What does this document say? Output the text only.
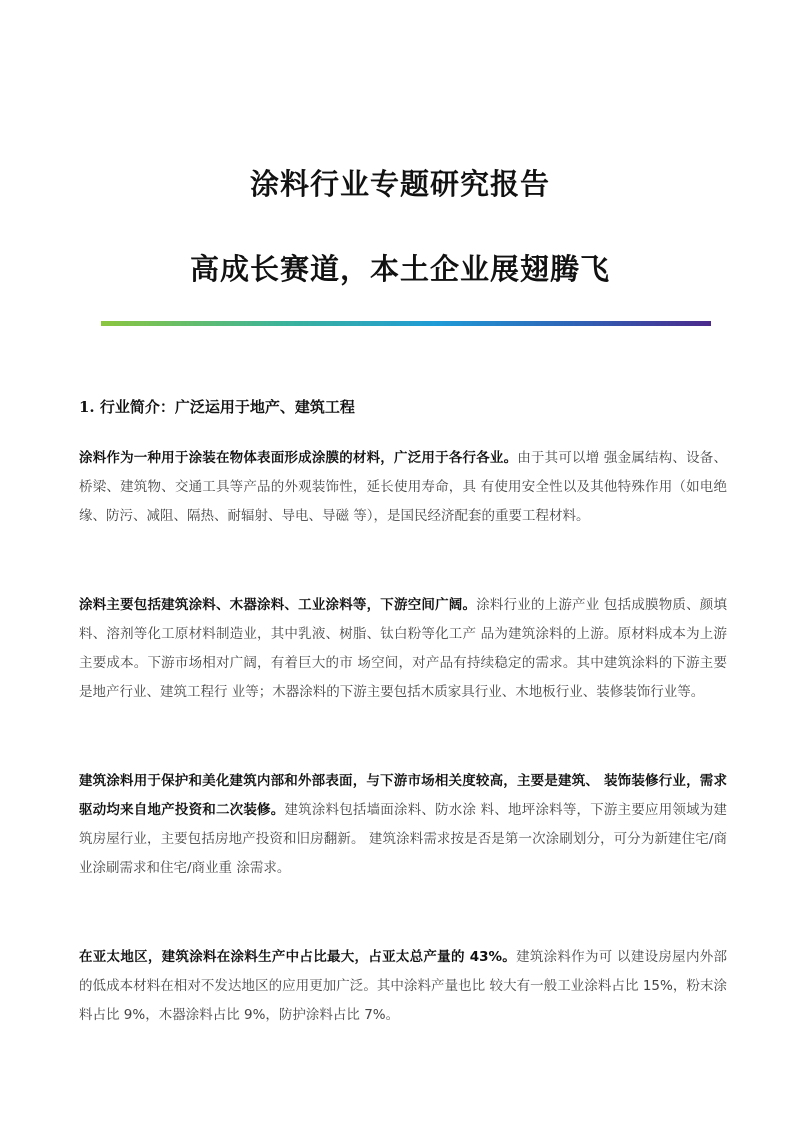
涂料行业专题研究报告
高成长赛道，本土企业展翅腾飞
1. 行业简介：广泛运用于地产、建筑工程

涂料作为一种用于涂装在物体表面形成涂膜的材料，广泛用于各行各业。由于其可以增 强金属结构、设备、桥梁、建筑物、交通工具等产品的外观装饰性，延长使用寿命，具 有使用安全性以及其他特殊作用（如电绝缘、防污、减阻、隔热、耐辐射、导电、导磁 等），是国民经济配套的重要工程材料。

涂料主要包括建筑涂料、木器涂料、工业涂料等，下游空间广阔。涂料行业的上游产业 包括成膜物质、颜填料、溶剂等化工原材料制造业，其中乳液、树脂、钛白粉等化工产 品为建筑涂料的上游。原材料成本为上游主要成本。下游市场相对广阔，有着巨大的市 场空间，对产品有持续稳定的需求。其中建筑涂料的下游主要是地产行业、建筑工程行 业等；木器涂料的下游主要包括木质家具行业、木地板行业、装修装饰行业等。

建筑涂料用于保护和美化建筑内部和外部表面，与下游市场相关度较高，主要是建筑、 装饰装修行业，需求驱动均来自地产投资和二次装修。建筑涂料包括墙面涂料、防水涂 料、地坪涂料等，下游主要应用领域为建筑房屋行业，主要包括房地产投资和旧房翻新。 建筑涂料需求按是否是第一次涂刷划分，可分为新建住宅/商业涂刷需求和住宅/商业重 涂需求。

在亚太地区，建筑涂料在涂料生产中占比最大，占亚太总产量的 43%。建筑涂料作为可 以建设房屋内外部的低成本材料在相对不发达地区的应用更加广泛。其中涂料产量也比 较大有一般工业涂料占比 15%，粉末涂料占比 9%，木器涂料占比 9%，防护涂料占比 7%。
